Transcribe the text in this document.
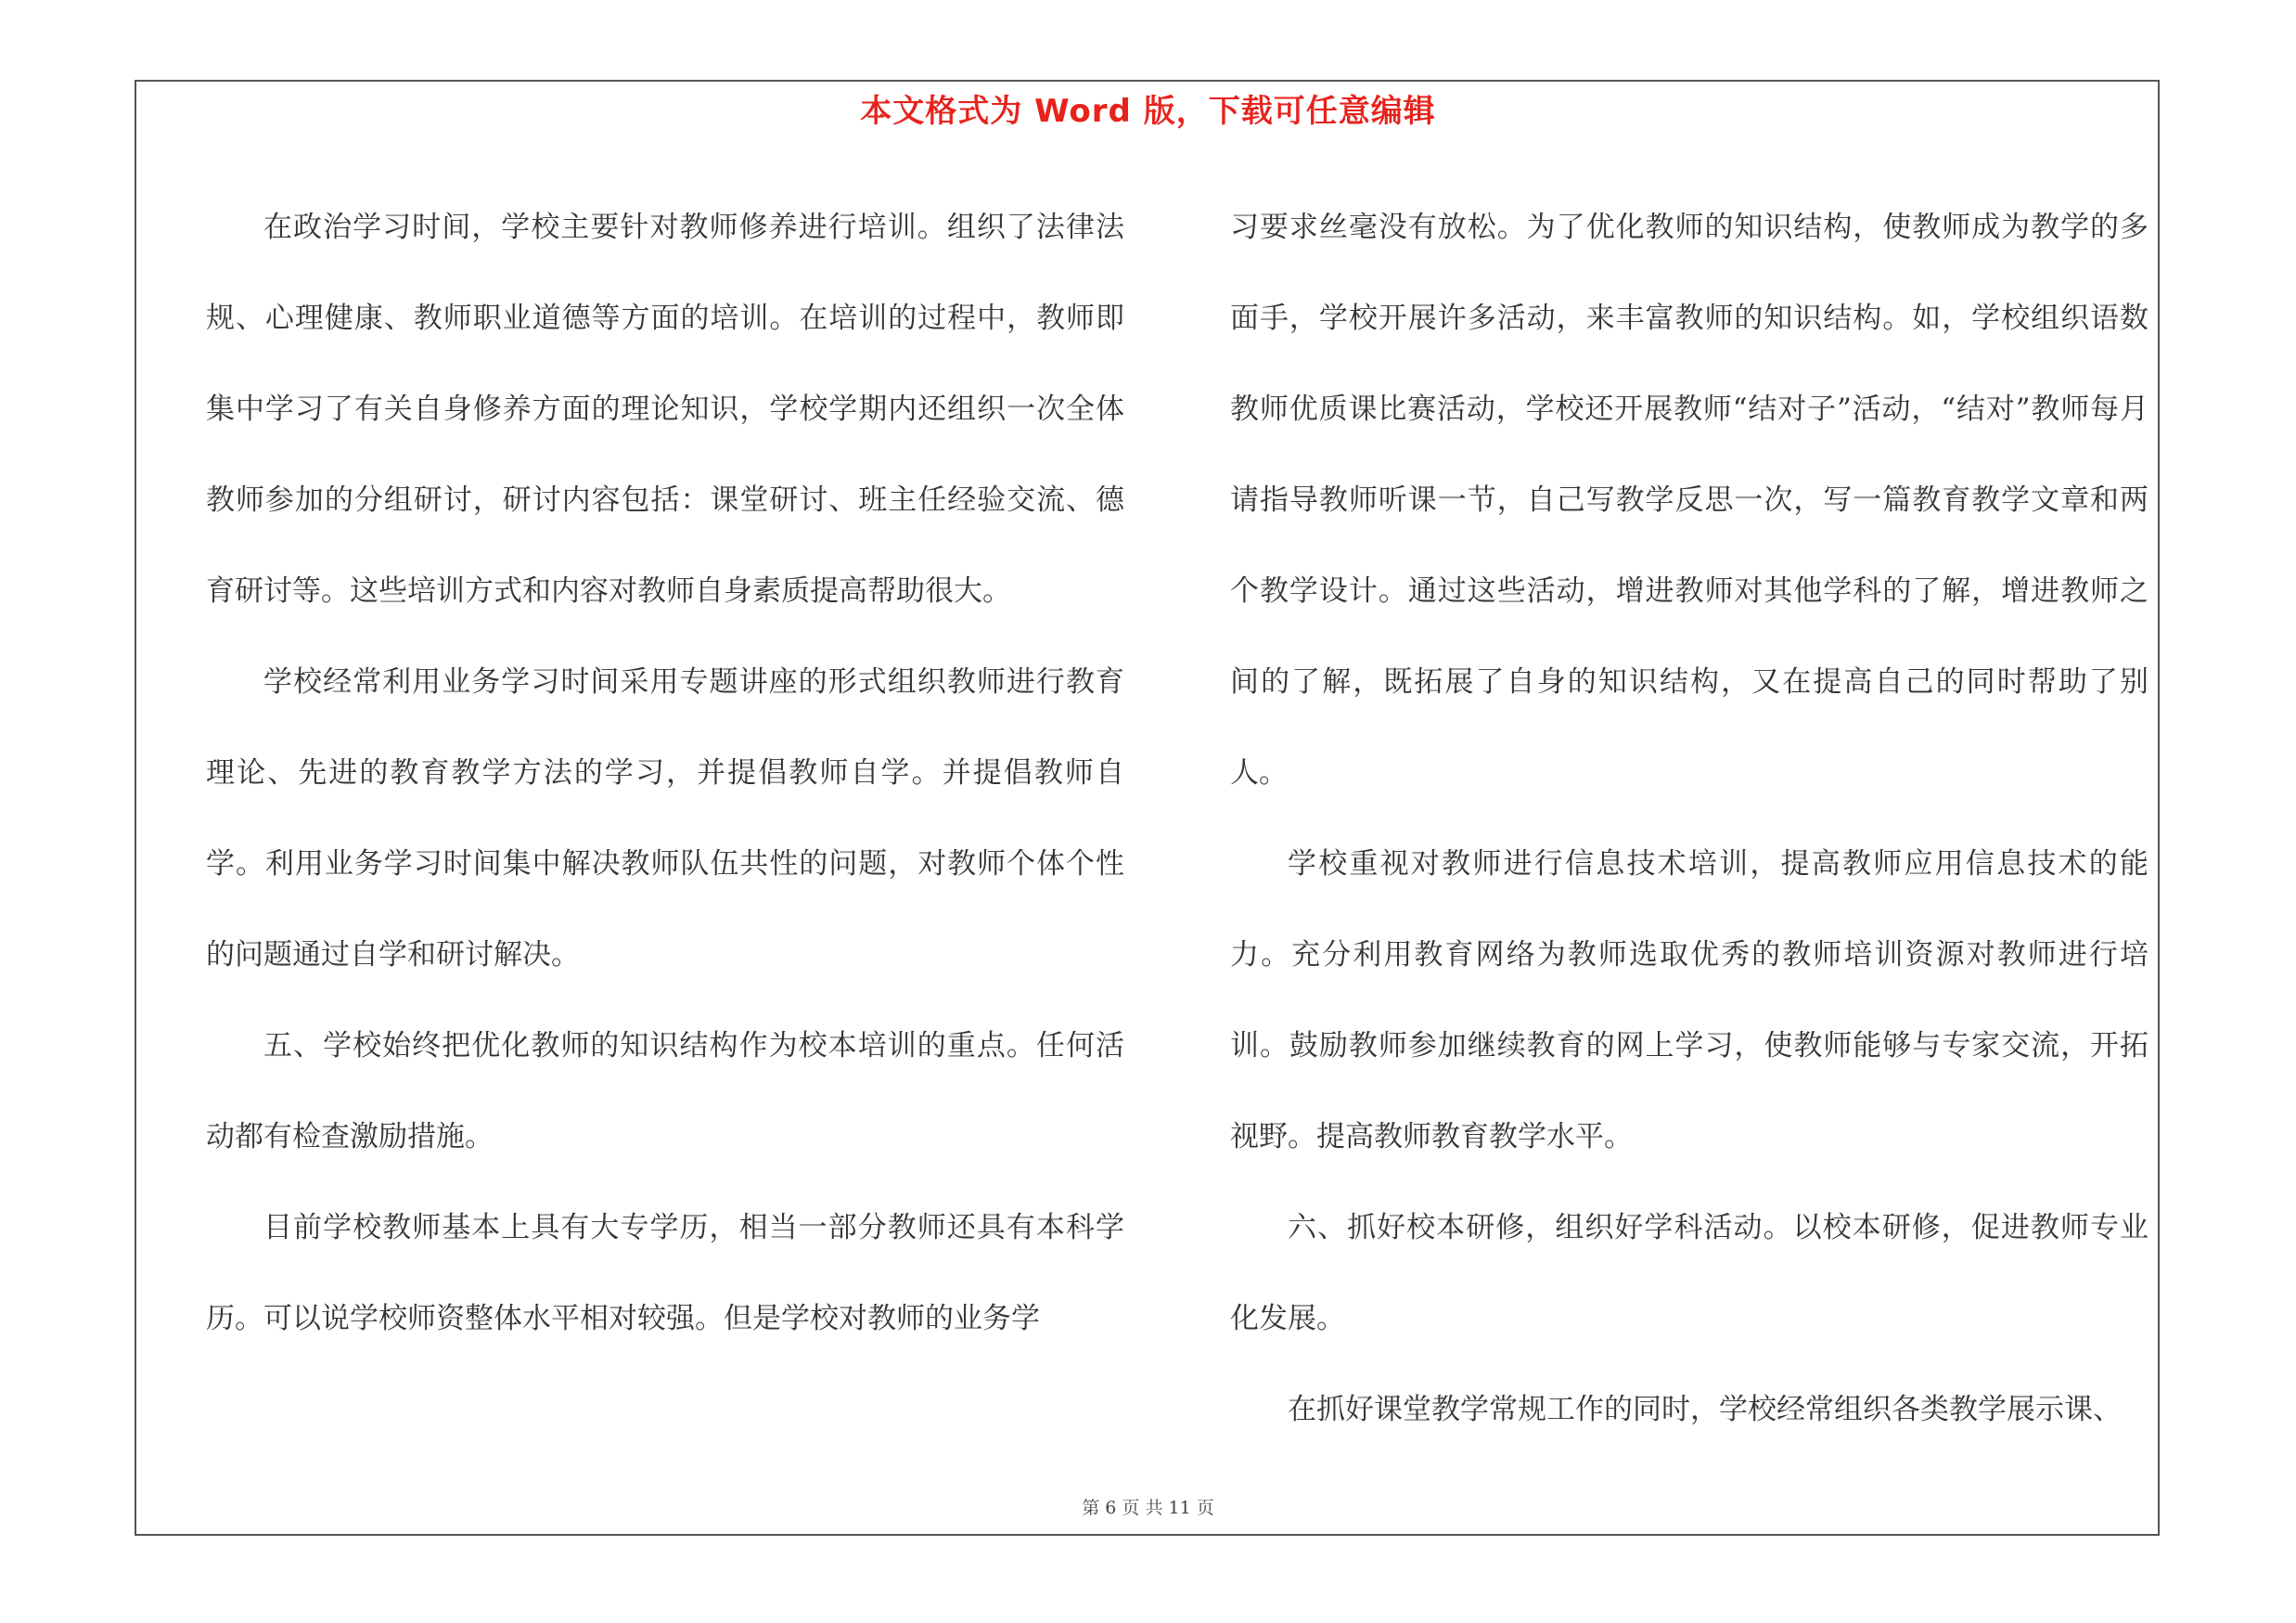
本文格式为 Word 版，下载可任意编辑

在政治学习时间，学校主要针对教师修养进行培训。组织了法律法规、心理健康、教师职业道德等方面的培训。在培训的过程中，教师即集中学习了有关自身修养方面的理论知识，学校学期内还组织一次全体教师参加的分组研讨，研讨内容包括：课堂研讨、班主任经验交流、德育研讨等。这些培训方式和内容对教师自身素质提高帮助很大。

学校经常利用业务学习时间采用专题讲座的形式组织教师进行教育理论、先进的教育教学方法的学习，并提倡教师自学。并提倡教师自学。利用业务学习时间集中解决教师队伍共性的问题，对教师个体个性的问题通过自学和研讨解决。

五、学校始终把优化教师的知识结构作为校本培训的重点。任何活动都有检查激励措施。

目前学校教师基本上具有大专学历，相当一部分教师还具有本科学历。可以说学校师资整体水平相对较强。但是学校对教师的业务学

习要求丝毫没有放松。为了优化教师的知识结构，使教师成为教学的多面手，学校开展许多活动，来丰富教师的知识结构。如，学校组织语数教师优质课比赛活动，学校还开展教师“结对子”活动，“结对”教师每月请指导教师听课一节，自己写教学反思一次，写一篇教育教学文章和两个教学设计。通过这些活动，增进教师对其他学科的了解，增进教师之间的了解，既拓展了自身的知识结构，又在提高自己的同时帮助了别人。

学校重视对教师进行信息技术培训，提高教师应用信息技术的能力。充分利用教育网络为教师选取优秀的教师培训资源对教师进行培训。鼓励教师参加继续教育的网上学习，使教师能够与专家交流，开拓视野。提高教师教育教学水平。

六、抓好校本研修，组织好学科活动。以校本研修，促进教师专业化发展。

在抓好课堂教学常规工作的同时，学校经常组织各类教学展示课、

第 6 页 共 11 页
